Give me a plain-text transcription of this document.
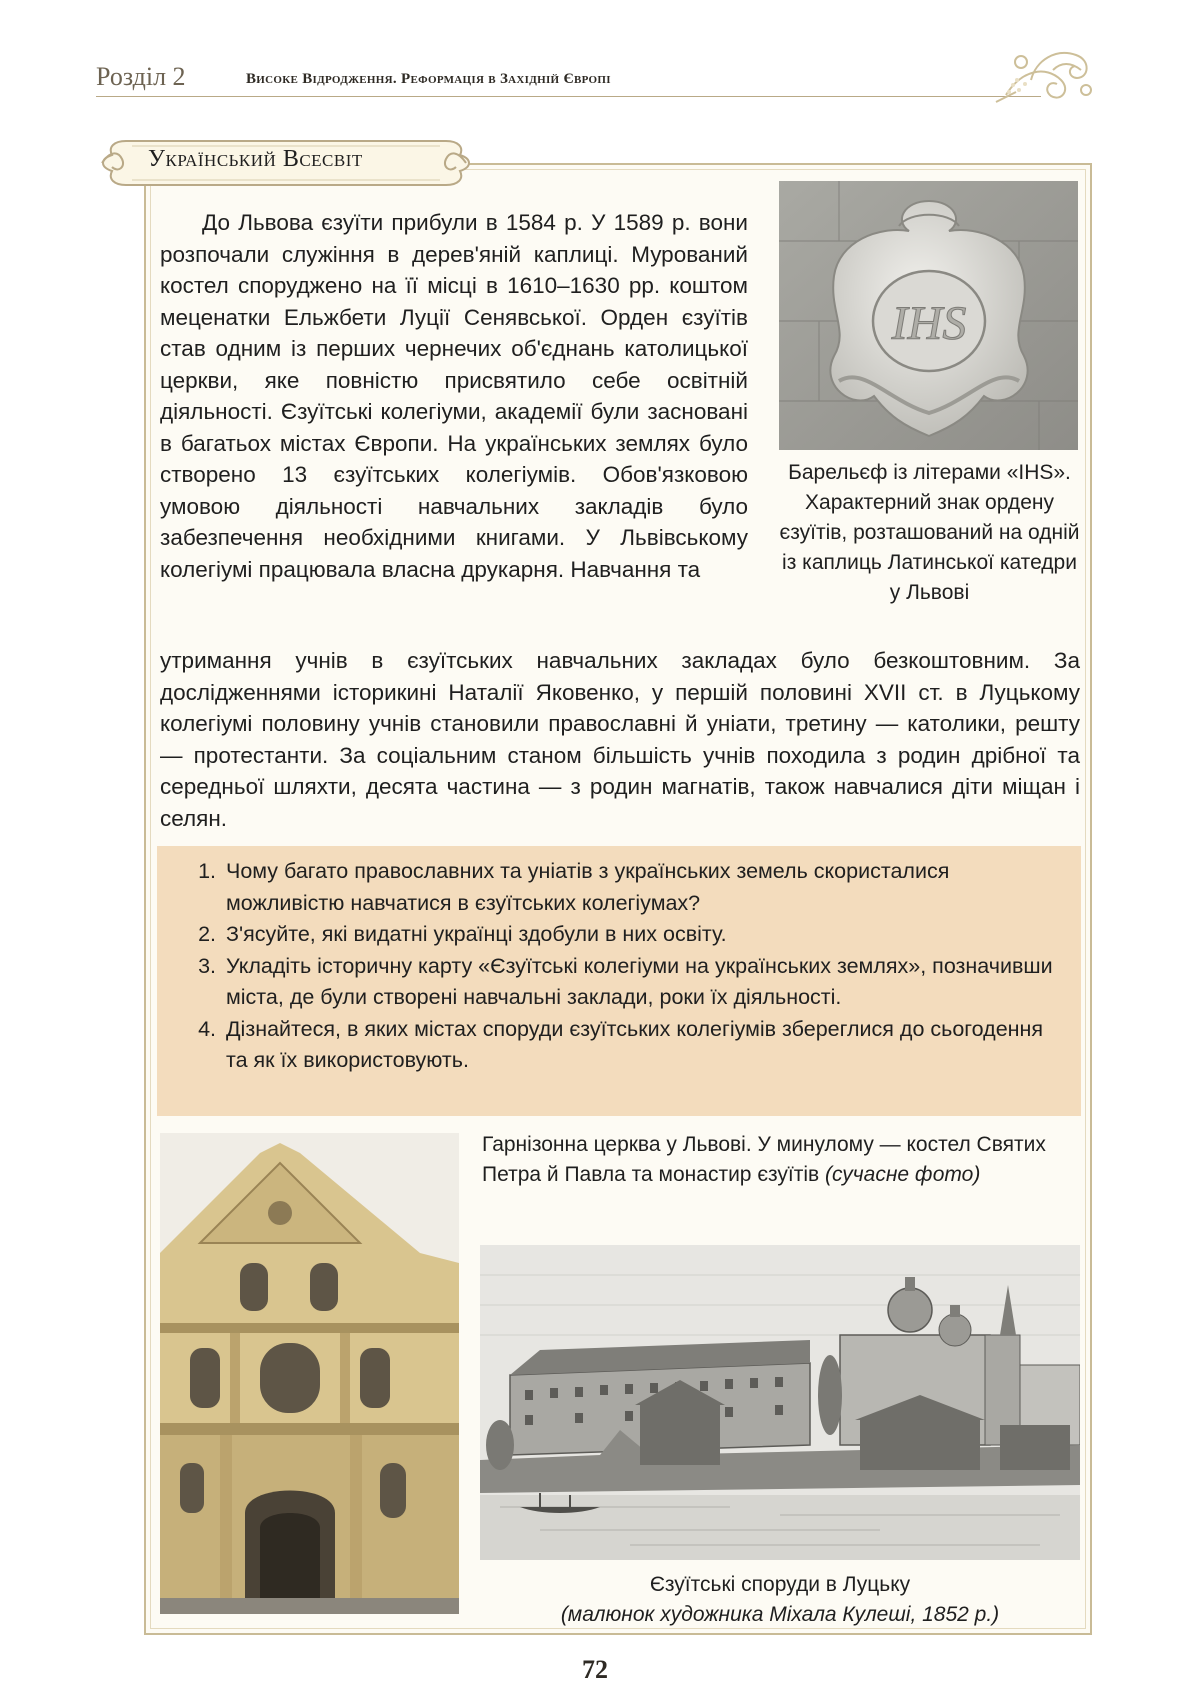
Розділ 2	Високе Відродження. Реформація в Західній Європі
Український Всесвіт

До Львова єзуїти прибули в 1584 р. У 1589 р. вони розпочали служіння в дерев'яній каплиці. Мурований костел споруджено на її місці в 1610–1630 рр. коштом меценатки Ельжбети Луції Сенявської. Орден єзуїтів став одним із перших чернечих об'єднань католицької церкви, яке повністю присвятило себе освітній діяльності. Єзуїтські колегіуми, академії були засновані в багатьох містах Європи. На українських землях було створено 13 єзуїтських колегіумів. Обов'язковою умовою діяльності навчальних закладів було забезпечення необхідними книгами. У Львівському колегіумі працювала власна друкарня. Навчання та

IHS
Барельєф із літерами «IHS». Характерний знак ордену єзуїтів, розташований на одній із каплиць Латинської катедри у Львові

утримання учнів в єзуїтських навчальних закладах було безкоштовним. За дослідженнями історикині Наталії Яковенко, у першій половині XVII ст. в Луцькому колегіумі половину учнів становили православні й уніати, третину — католики, решту — протестанти. За соціальним станом більшість учнів походила з родин дрібної та середньої шляхти, десята частина — з родин магнатів, також навчалися діти міщан і селян.

1. Чому багато православних та уніатів з українських земель скористалися можливістю навчатися в єзуїтських колегіумах?
2. З'ясуйте, які видатні українці здобули в них освіту.
3. Укладіть історичну карту «Єзуїтські колегіуми на українських землях», позначивши міста, де були створені навчальні заклади, роки їх діяльності.
4. Дізнайтеся, в яких містах споруди єзуїтських колегіумів збереглися до сьогодення та як їх використовують.
Гарнізонна церква у Львові. У минулому — костел Святих Петра й Павла та монастир єзуїтів (сучасне фото)
Єзуїтські споруди в Луцьку
(малюнок художника Міхала Кулеші, 1852 р.)
72
